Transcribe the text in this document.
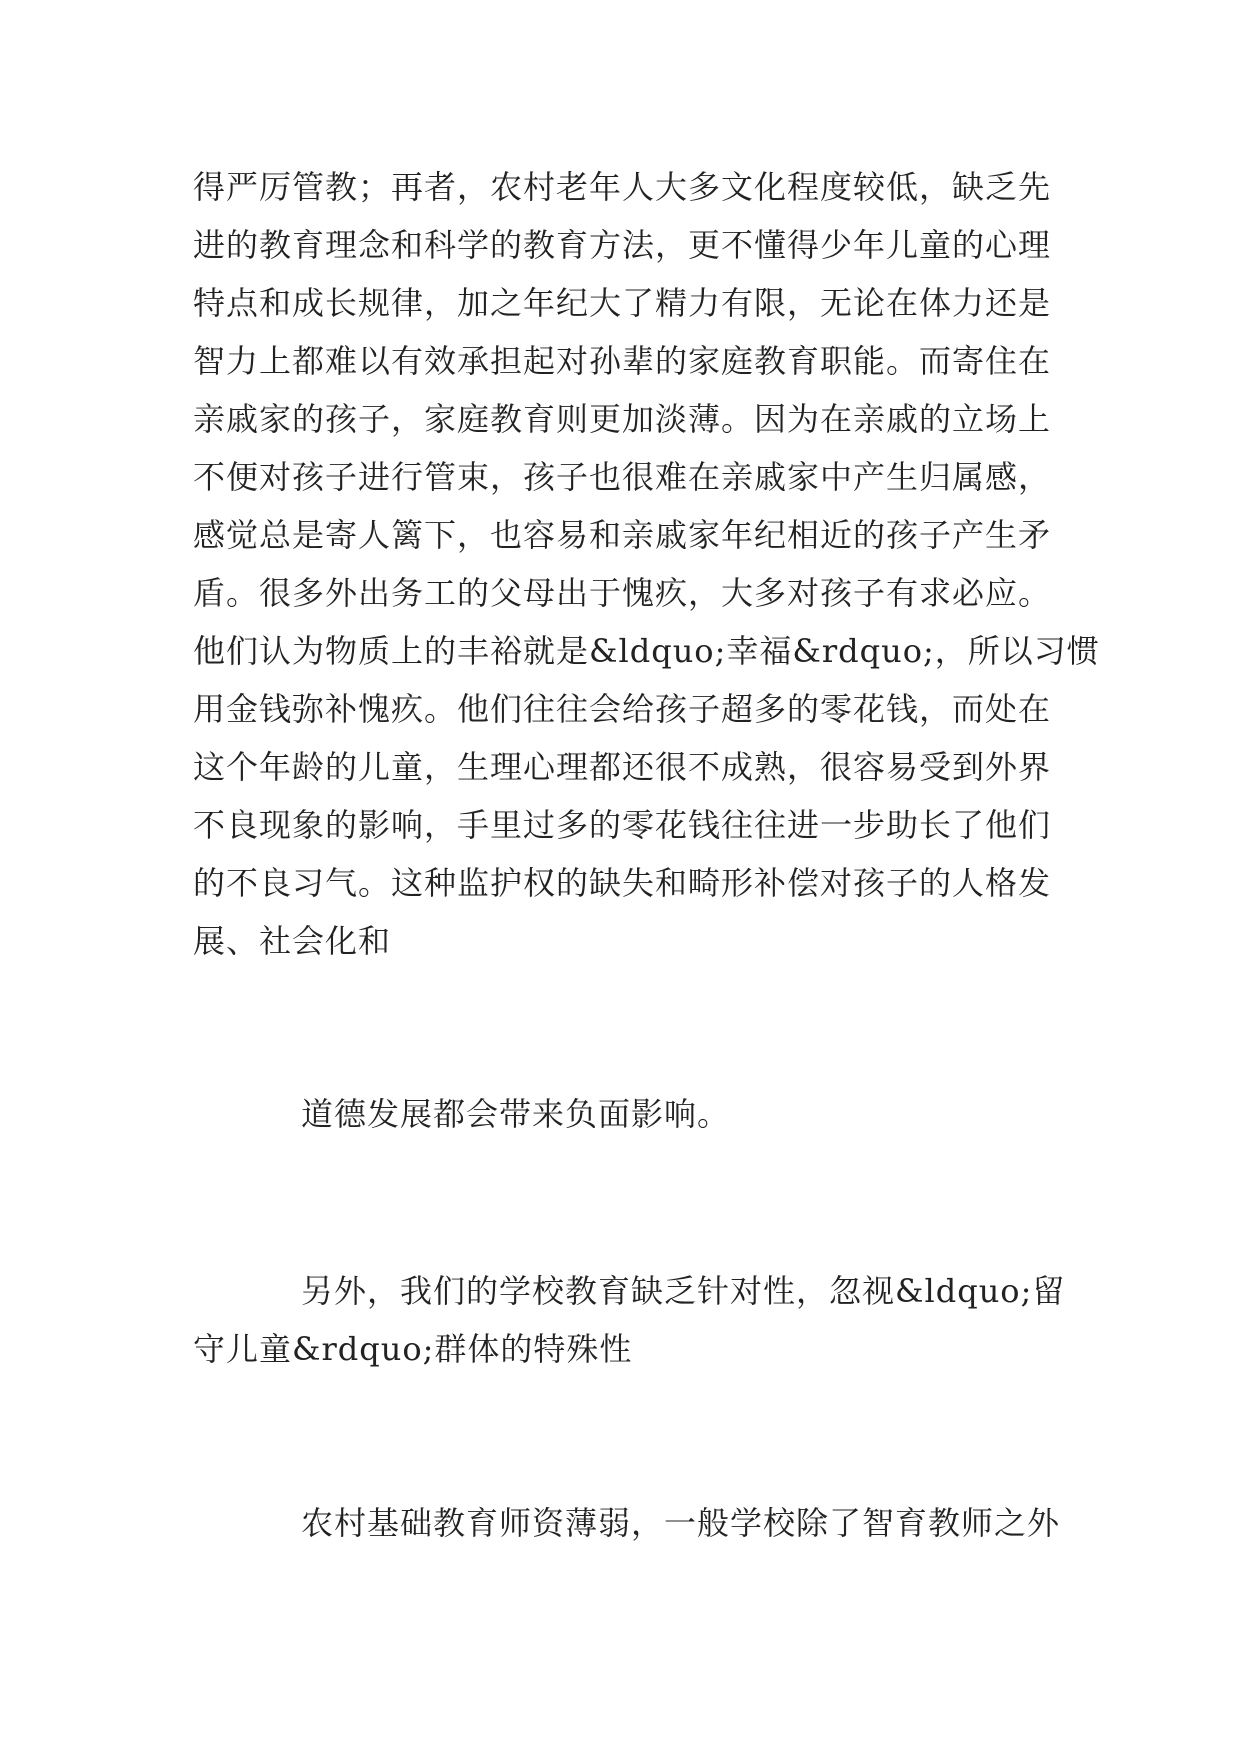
得严厉管教；再者，农村老年人大多文化程度较低，缺乏先
进的教育理念和科学的教育方法，更不懂得少年儿童的心理
特点和成长规律，加之年纪大了精力有限，无论在体力还是
智力上都难以有效承担起对孙辈的家庭教育职能。而寄住在
亲戚家的孩子，家庭教育则更加淡薄。因为在亲戚的立场上
不便对孩子进行管束，孩子也很难在亲戚家中产生归属感，
感觉总是寄人篱下，也容易和亲戚家年纪相近的孩子产生矛
盾。很多外出务工的父母出于愧疚，大多对孩子有求必应。
他们认为物质上的丰裕就是&ldquo;幸福&rdquo;，所以习惯
用金钱弥补愧疚。他们往往会给孩子超多的零花钱，而处在
这个年龄的儿童，生理心理都还很不成熟，很容易受到外界
不良现象的影响，手里过多的零花钱往往进一步助长了他们
的不良习气。这种监护权的缺失和畸形补偿对孩子的人格发
展、社会化和
道德发展都会带来负面影响。
另外，我们的学校教育缺乏针对性，忽视&ldquo;留
守儿童&rdquo;群体的特殊性
农村基础教育师资薄弱，一般学校除了智育教师之外
